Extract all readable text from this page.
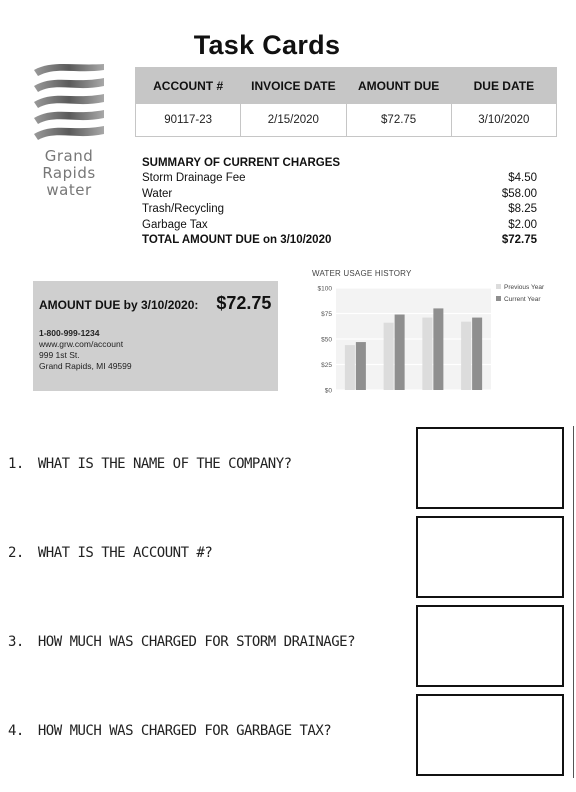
Task Cards
Grand
Rapids
water
ACCOUNT #	INVOICE DATE	AMOUNT DUE	DUE DATE
90117-23	2/15/2020	$72.75	3/10/2020
SUMMARY OF CURRENT CHARGES
Storm Drainage Fee	$4.50
Water	$58.00
Trash/Recycling	$8.25
Garbage Tax	$2.00
TOTAL AMOUNT DUE on 3/10/2020	$72.75
AMOUNT DUE by 3/10/2020: $72.75
1-800-999-1234
www.grw.com/account
999 1st St.
Grand Rapids, MI 49599
$100
$75
$50
$25
$0
Previous Year
Current Year
WATER USAGE HISTORY
1. WHAT IS THE NAME OF THE COMPANY?
2. WHAT IS THE ACCOUNT #?
3. HOW MUCH WAS CHARGED FOR STORM DRAINAGE?
4. HOW MUCH WAS CHARGED FOR GARBAGE TAX?
